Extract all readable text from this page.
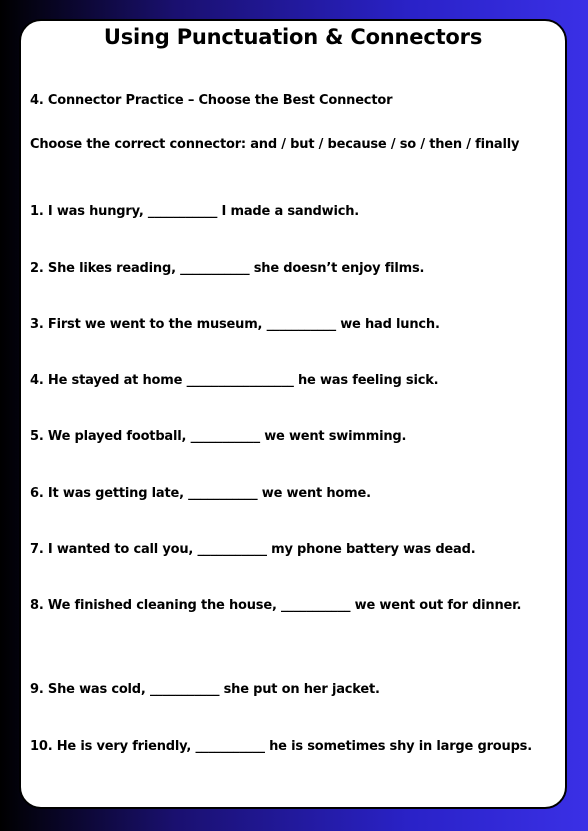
Using Punctuation & Connectors
4. Connector Practice – Choose the Best Connector
Choose the correct connector: and / but / because / so / then / finally
1. I was hungry, ___________ I made a sandwich.
2. She likes reading, ___________ she doesn’t enjoy films.
3. First we went to the museum, ___________ we had lunch.
4. He stayed at home _________________ he was feeling sick.
5. We played football, ___________ we went swimming.
6. It was getting late, ___________ we went home.
7. I wanted to call you, ___________ my phone battery was dead.
8. We finished cleaning the house, ___________ we went out for dinner.
9. She was cold, ___________ she put on her jacket.
10. He is very friendly, ___________ he is sometimes shy in large groups.
